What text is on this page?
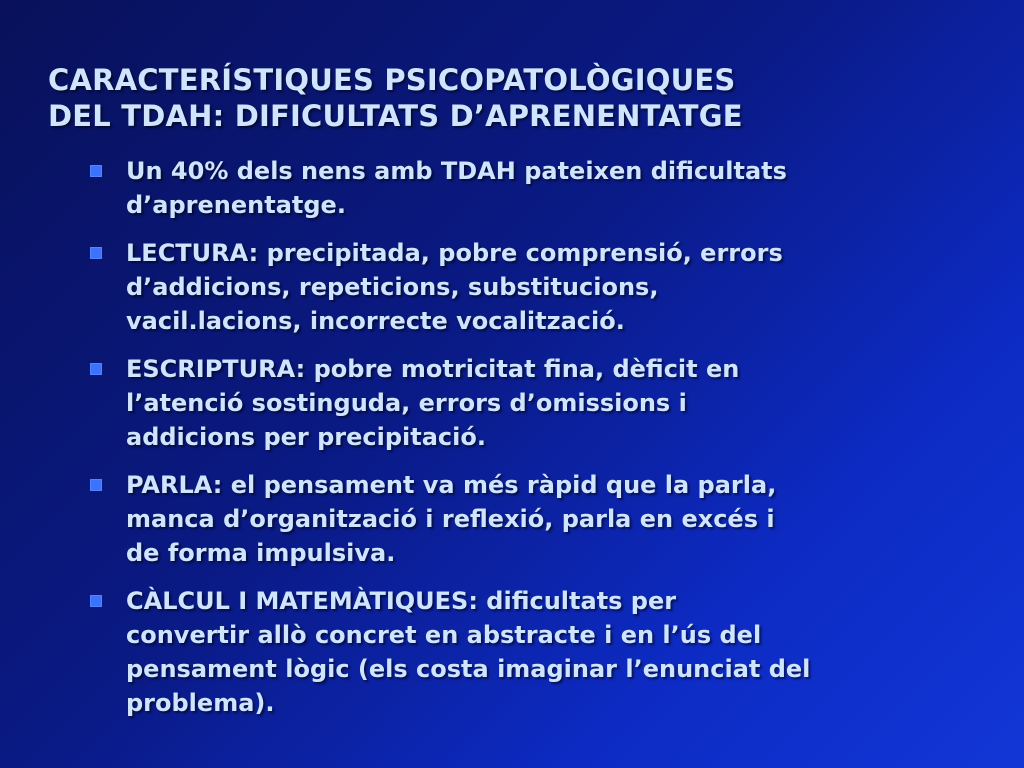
CARACTERÍSTIQUES PSICOPATOLÒGIQUES
DEL TDAH: DIFICULTATS D’APRENENTATGE
Un 40% dels nens amb TDAH pateixen dificultats
d’aprenentatge.
LECTURA: precipitada, pobre comprensió, errors
d’addicions, repeticions, substitucions,
vacil.lacions, incorrecte vocalització.
ESCRIPTURA: pobre motricitat fina, dèficit en
l’atenció sostinguda, errors d’omissions i
addicions per precipitació.
PARLA: el pensament va més ràpid que la parla,
manca d’organització i reflexió, parla en excés i
de forma impulsiva.
CÀLCUL I MATEMÀTIQUES: dificultats per
convertir allò concret en abstracte i en l’ús del
pensament lògic (els costa imaginar l’enunciat del
problema).
